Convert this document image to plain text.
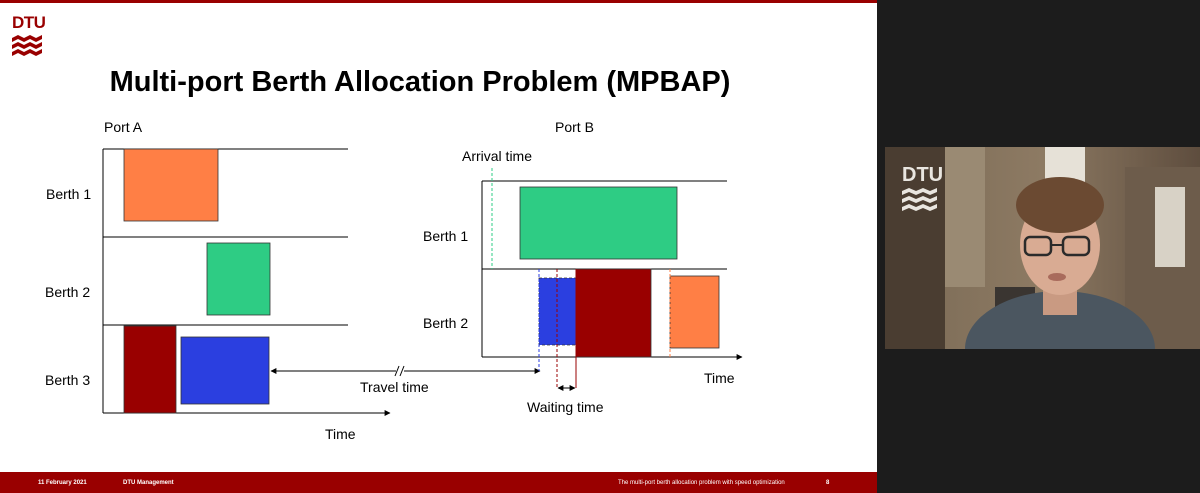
DTU
Multi-port Berth Allocation Problem (MPBAP)
Port A
Berth 1
Berth 2
Berth 3
Time
Port B
Arrival time
Berth 1
Berth 2
Time
Travel time
Waiting time
11 February 2021	DTU Management	The multi-port berth allocation problem with speed optimization	8
DTU
